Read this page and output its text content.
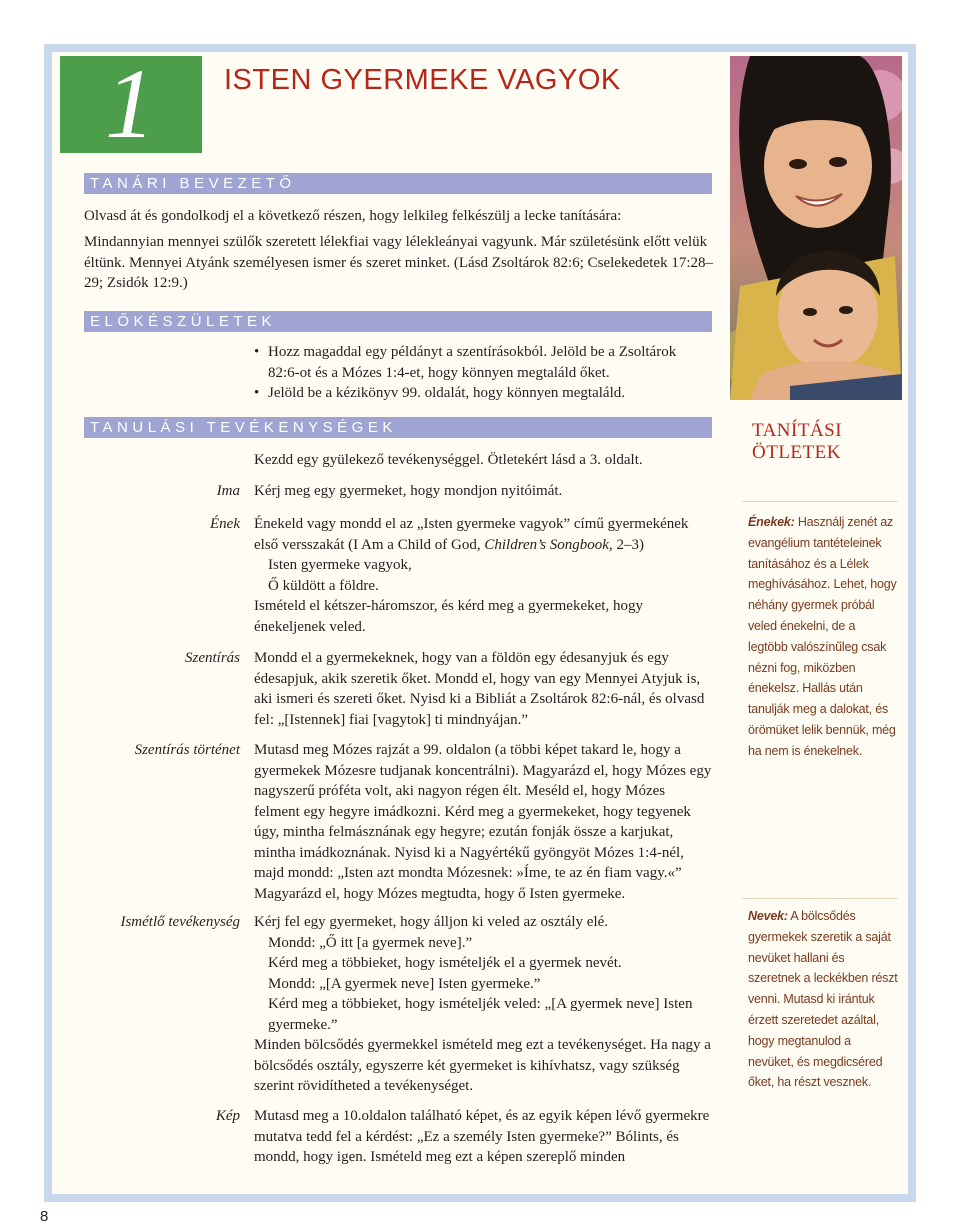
1 ISTEN GYERMEKE VAGYOK
TANÁRI BEVEZETŐ
Olvasd át és gondolkodj el a következő részen, hogy lelkileg felkészülj a lecke tanítására:
Mindannyian mennyei szülők szeretett lélekfiai vagy lélekleányai vagyunk. Már születésünk előtt velük éltünk. Mennyei Atyánk személyesen ismer és szeret minket. (Lásd Zsoltárok 82:6; Cselekedetek 17:28–29; Zsidók 12:9.)
ELŐKÉSZÜLETEK
• Hozz magaddal egy példányt a szentírásokból. Jelöld be a Zsoltárok 82:6-ot és a Mózes 1:4-et, hogy könnyen megtaláld őket.
• Jelöld be a kézikönyv 99. oldalát, hogy könnyen megtaláld.
TANULÁSI TEVÉKENYSÉGEK
Kezdd egy gyülekező tevékenységgel. Ötletekért lásd a 3. oldalt.
Ima Kérj meg egy gyermeket, hogy mondjon nyitóimát.
Ének Énekeld vagy mondd el az „Isten gyermeke vagyok” című gyermekének első versszakát (I Am a Child of God, Children’s Songbook, 2–3)

Isten gyermeke vagyok,

Ő küldött a földre.

Ismételd el kétszer-háromszor, és kérd meg a gyermekeket, hogy énekeljenek veled.

Szentírás Mondd el a gyermekeknek, hogy van a földön egy édesanyjuk és egy édesapjuk, akik szeretik őket. Mondd el, hogy van egy Mennyei Atyjuk is, aki ismeri és szereti őket. Nyisd ki a Bibliát a Zsoltárok 82:6-nál, és olvasd fel: „[Istennek] fiai [vagytok] ti mindnyájan.”
Szentírás történet Mutasd meg Mózes rajzát a 99. oldalon (a többi képet takard le, hogy a gyermekek Mózesre tudjanak koncentrálni). Magyarázd el, hogy Mózes egy nagyszerű próféta volt, aki nagyon régen élt. Meséld el, hogy Mózes felment egy hegyre imádkozni. Kérd meg a gyermekeket, hogy tegyenek úgy, mintha felmásznának egy hegyre; ezután fonják össze a karjukat, mintha imádkoznának. Nyisd ki a Nagyértékű gyöngyöt Mózes 1:4-nél, majd mondd: „Isten azt mondta Mózesnek: »Íme, te az én fiam vagy.«” Magyarázd el, hogy Mózes megtudta, hogy ő Isten gyermeke.
Ismétlő tevékenység Kérj fel egy gyermeket, hogy álljon ki veled az osztály elé.

Mondd: „Ő itt [a gyermek neve].”

Kérd meg a többieket, hogy ismételjék el a gyermek nevét.

Mondd: „[A gyermek neve] Isten gyermeke.”

Kérd meg a többieket, hogy ismételjék veled: „[A gyermek neve] Isten gyermeke.”

Minden bölcsődés gyermekkel ismételd meg ezt a tevékenységet. Ha nagy a bölcsődés osztály, egyszerre két gyermeket is kihívhatsz, vagy szükség szerint rövidítheted a tevékenységet.

Kép Mutasd meg a 10.oldalon található képet, és az egyik képen lévő gyermekre mutatva tedd fel a kérdést: „Ez a személy Isten gyermeke?” Bólints, és mondd, hogy igen. Ismételd meg ezt a képen szereplő minden
TANÍTÁSI
ÖTLETEK
Énekek: Használj zenét az evangélium tantételeinek tanításához és a Lélek meghívásához. Lehet, hogy néhány gyermek próbál veled énekelni, de a legtöbb valószínűleg csak nézni fog, miközben énekelsz. Hallás után tanulják meg a dalokat, és örömüket lelik bennük, még ha nem is énekelnek.
Nevek: A bölcsődés gyermekek szeretik a saját nevüket hallani és szeretnek a leckékben részt venni. Mutasd ki irántuk érzett szeretedet azáltal, hogy megtanulod a nevüket, és megdicséred őket, ha részt vesznek.
8
